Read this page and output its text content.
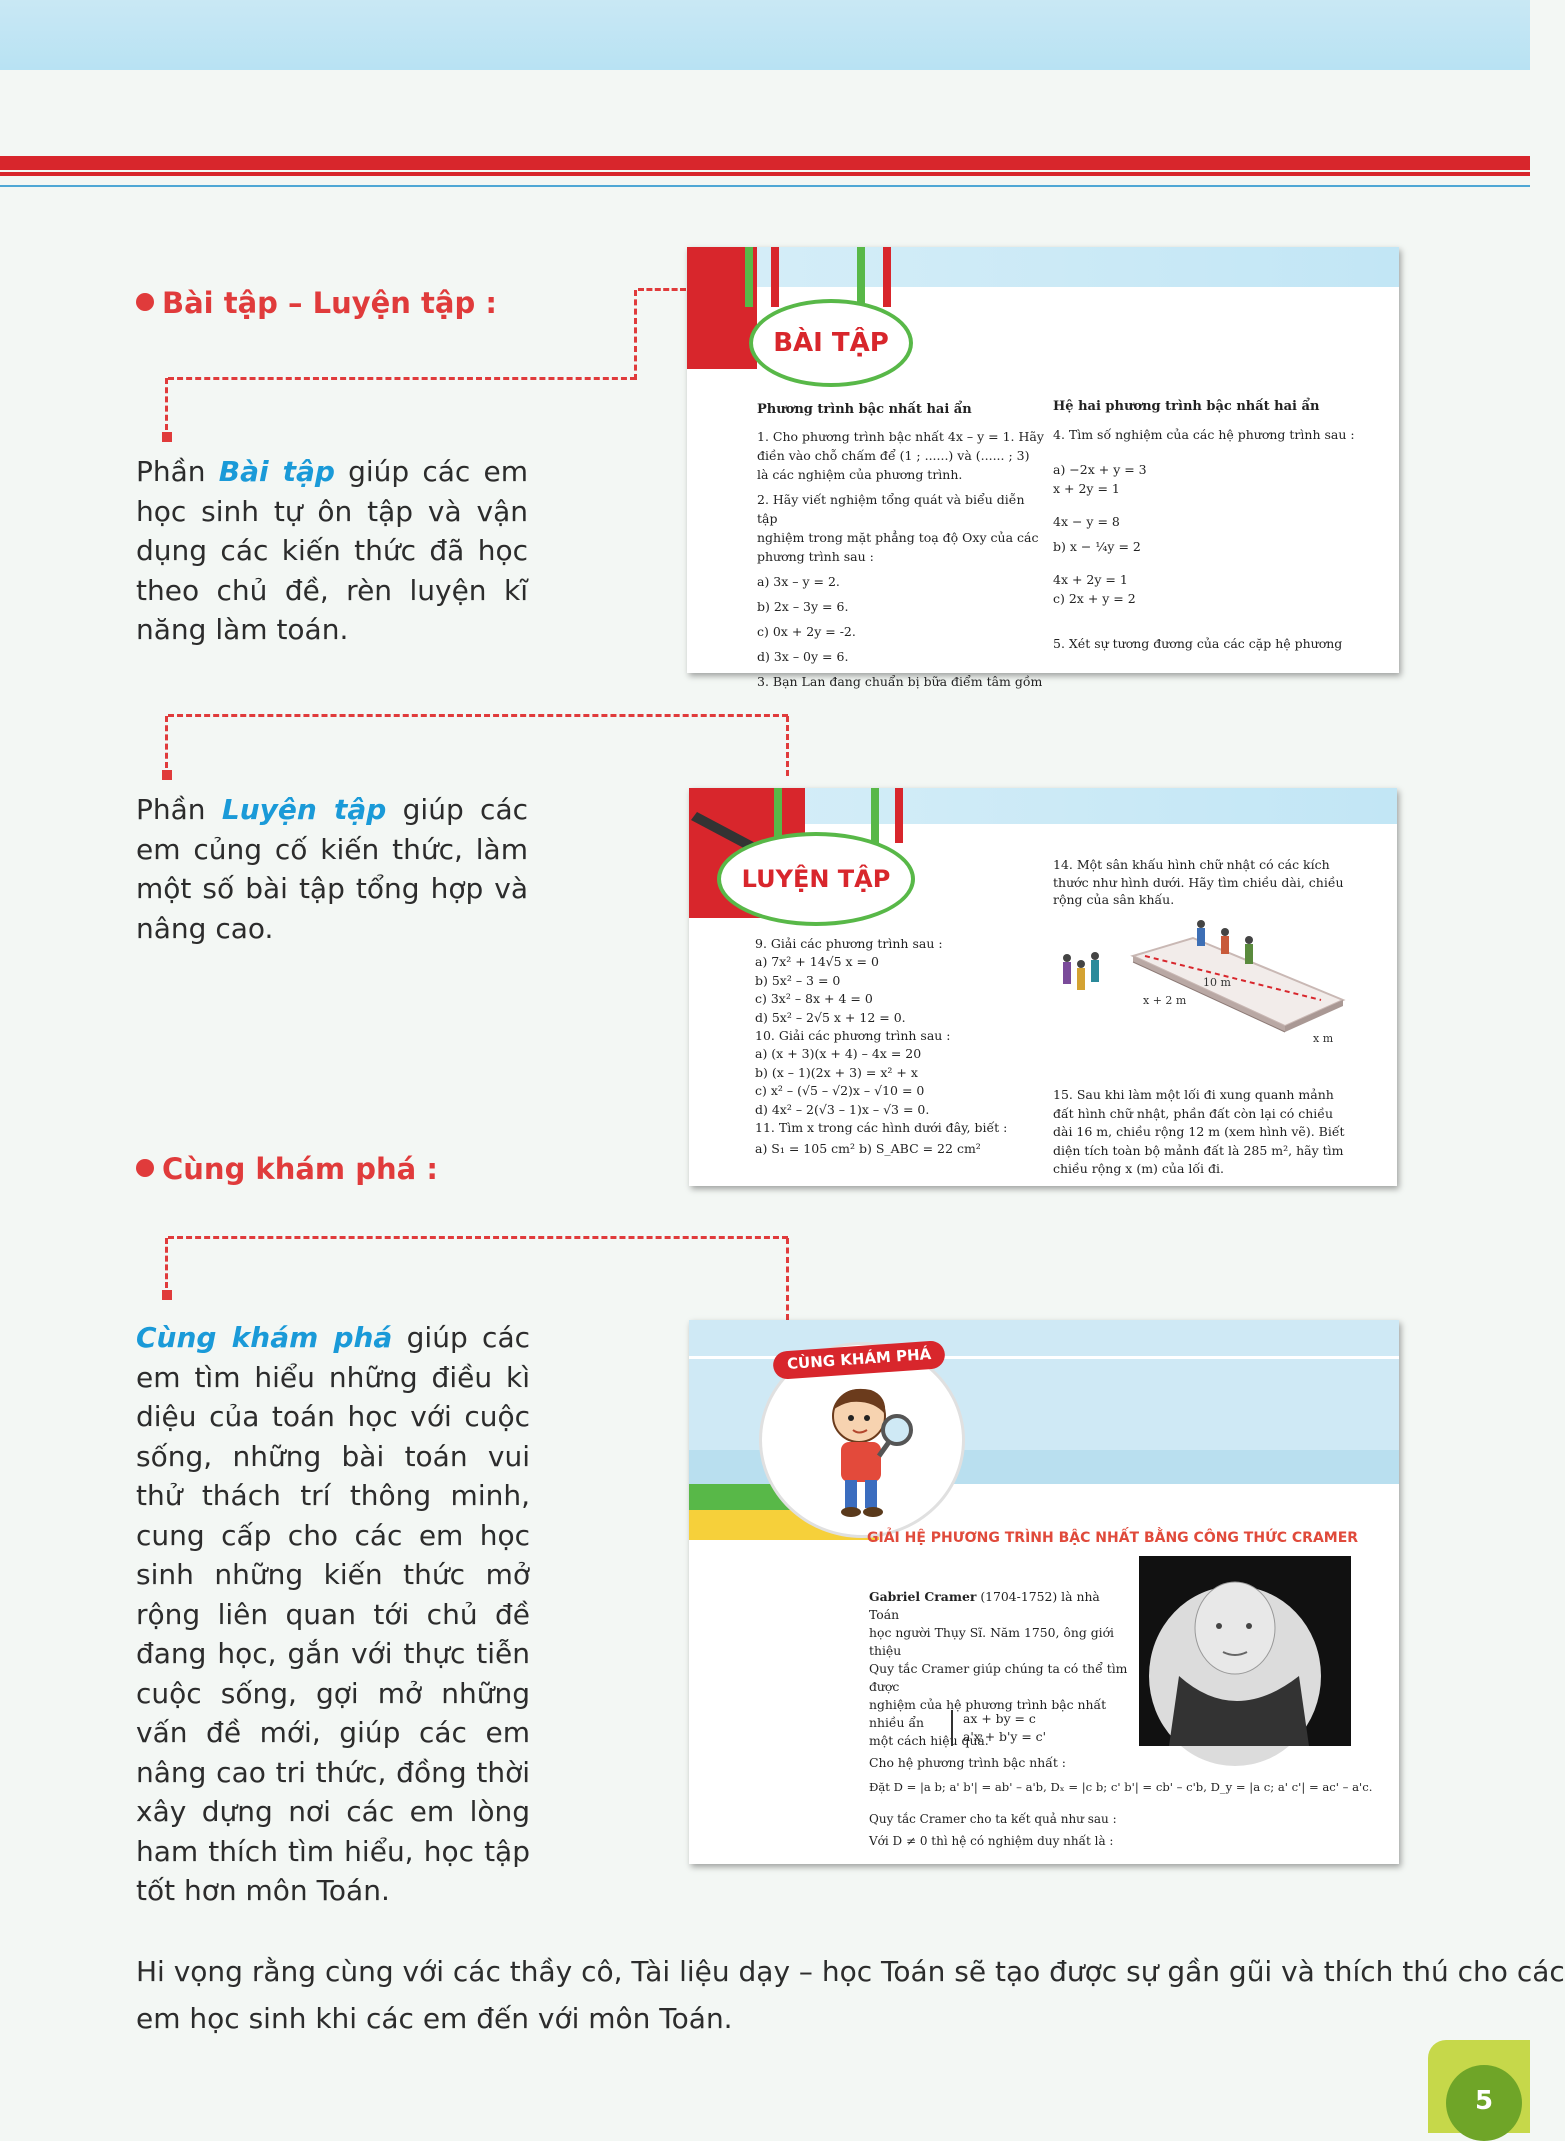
Bài tập – Luyện tập :
Phần Bài tập giúp các em học sinh tự ôn tập và vận dụng các kiến thức đã học theo chủ đề, rèn luyện kĩ năng làm toán.
BÀI TẬP
Phương trình bậc nhất hai ẩn
1. Cho phương trình bậc nhất 4x – y = 1. Hãy
điền vào chỗ chấm để (1 ; ......) và (...... ; 3)
là các nghiệm của phương trình.
2. Hãy viết nghiệm tổng quát và biểu diễn tập
nghiệm trong mặt phẳng toạ độ Oxy của các
phương trình sau :
a) 3x – y = 2.
b) 2x – 3y = 6.
c) 0x + 2y = -2.
d) 3x – 0y = 6.
3. Bạn Lan đang chuẩn bị bữa điểm tâm gồm
Hệ hai phương trình bậc nhất hai ẩn
4. Tìm số nghiệm của các hệ phương trình sau :
a) −2x + y = 3
x + 2y = 1
4x − y = 8
b) x − ¼y = 2
4x + 2y = 1
c) 2x + y = 2
5. Xét sự tương đương của các cặp hệ phương
Phần Luyện tập giúp các em củng cố kiến thức, làm một số bài tập tổng hợp và nâng cao.
LUYỆN TẬP
9. Giải các phương trình sau :
a) 7x² + 14√5 x = 0
b) 5x² – 3 = 0
c) 3x² – 8x + 4 = 0
d) 5x² – 2√5 x + 12 = 0.
10. Giải các phương trình sau :
a) (x + 3)(x + 4) – 4x = 20
b) (x – 1)(2x + 3) = x² + x
c) x² – (√5 – √2)x – √10 = 0
d) 4x² – 2(√3 – 1)x – √3 = 0.
11. Tìm x trong các hình dưới đây, biết :
a) S₁ = 105 cm² b) S_ABC = 22 cm²
14. Một sân khấu hình chữ nhật có các kích
thước như hình dưới. Hãy tìm chiều dài, chiều
rộng của sân khấu.
10 m
x + 2 m
x m
15. Sau khi làm một lối đi xung quanh mảnh
đất hình chữ nhật, phần đất còn lại có chiều
dài 16 m, chiều rộng 12 m (xem hình vẽ). Biết
diện tích toàn bộ mảnh đất là 285 m², hãy tìm
chiều rộng x (m) của lối đi.
Cùng khám phá :
Cùng khám phá giúp các em tìm hiểu những điều kì diệu của toán học với cuộc sống, những bài toán vui thử thách trí thông minh, cung cấp cho các em học sinh những kiến thức mở rộng liên quan tới chủ đề đang học, gắn với thực tiễn cuộc sống, gợi mở những vấn đề mới, giúp các em nâng cao tri thức, đồng thời xây dựng nơi các em lòng ham thích tìm hiểu, học tập tốt hơn môn Toán.
CÙNG KHÁM PHÁ
GIẢI HỆ PHƯƠNG TRÌNH BẬC NHẤT BẰNG CÔNG THỨC CRAMER
Gabriel Cramer (1704-1752) là nhà Toán
học người Thụy Sĩ. Năm 1750, ông giới thiệu
Quy tắc Cramer giúp chúng ta có thể tìm được
nghiệm của hệ phương trình bậc nhất nhiều ẩn
một cách hiệu quả.
Cho hệ phương trình bậc nhất :
ax + by = c
a'x + b'y = c'
Đặt D = |a b; a' b'| = ab' – a'b, Dₓ = |c b; c' b'| = cb' – c'b, D_y = |a c; a' c'| = ac' – a'c.
Quy tắc Cramer cho ta kết quả như sau :
Với D ≠ 0 thì hệ có nghiệm duy nhất là :
Hi vọng rằng cùng với các thầy cô, Tài liệu dạy – học Toán sẽ tạo được sự gần gũi và thích thú cho các
em học sinh khi các em đến với môn Toán.
5
